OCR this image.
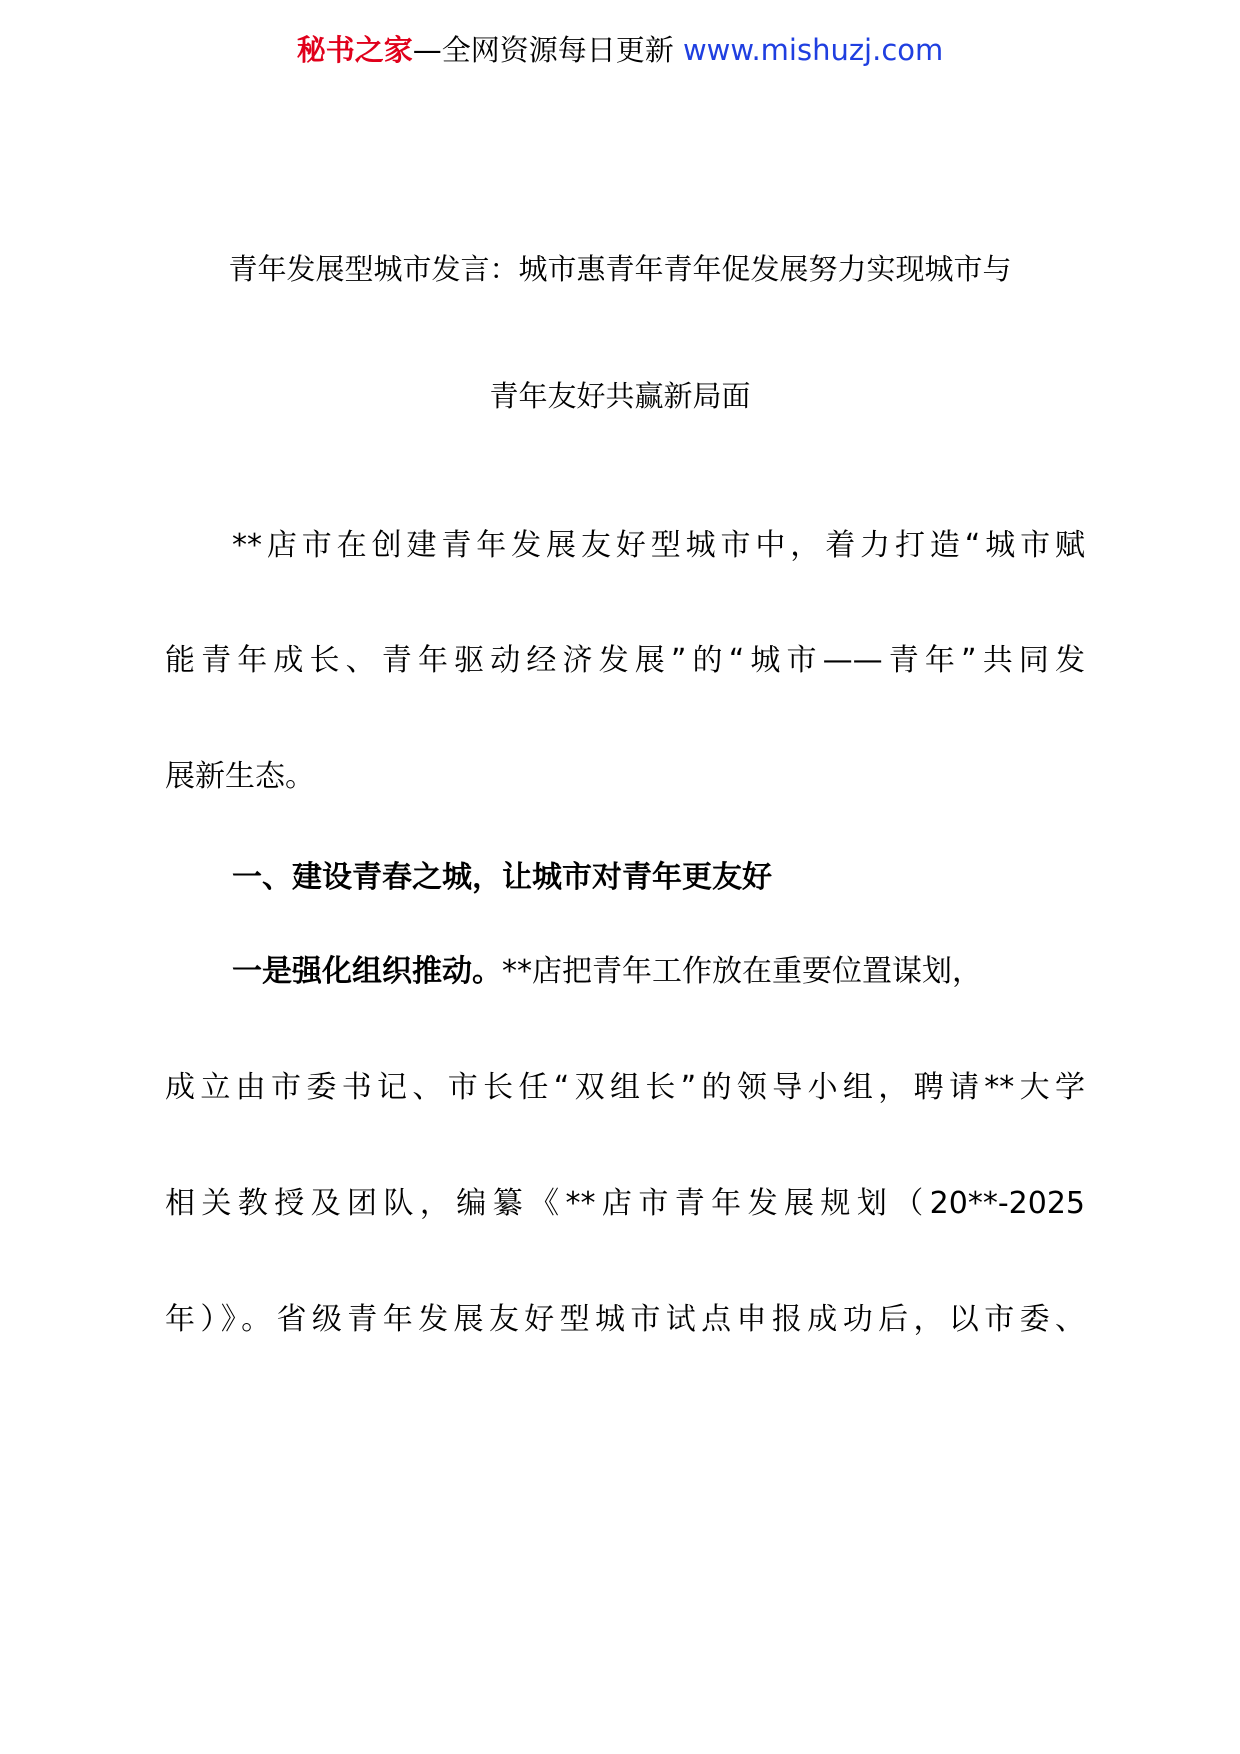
秘书之家—全网资源每日更新 www.mishuzj.com
青年发展型城市发言：城市惠青年青年促发展努力实现城市与
青年友好共赢新局面
**店市在创建青年发展友好型城市中，着力打造“城市赋
能青年成长、青年驱动经济发展”的“城市——青年”共同发
展新生态。
一、建设青春之城，让城市对青年更友好
一是强化组织推动。**店把青年工作放在重要位置谋划，
成立由市委书记、市长任“双组长”的领导小组，聘请**大学
相关教授及团队，编纂《**店市青年发展规划（20**-2025
年）》。省级青年发展友好型城市试点申报成功后，以市委、
